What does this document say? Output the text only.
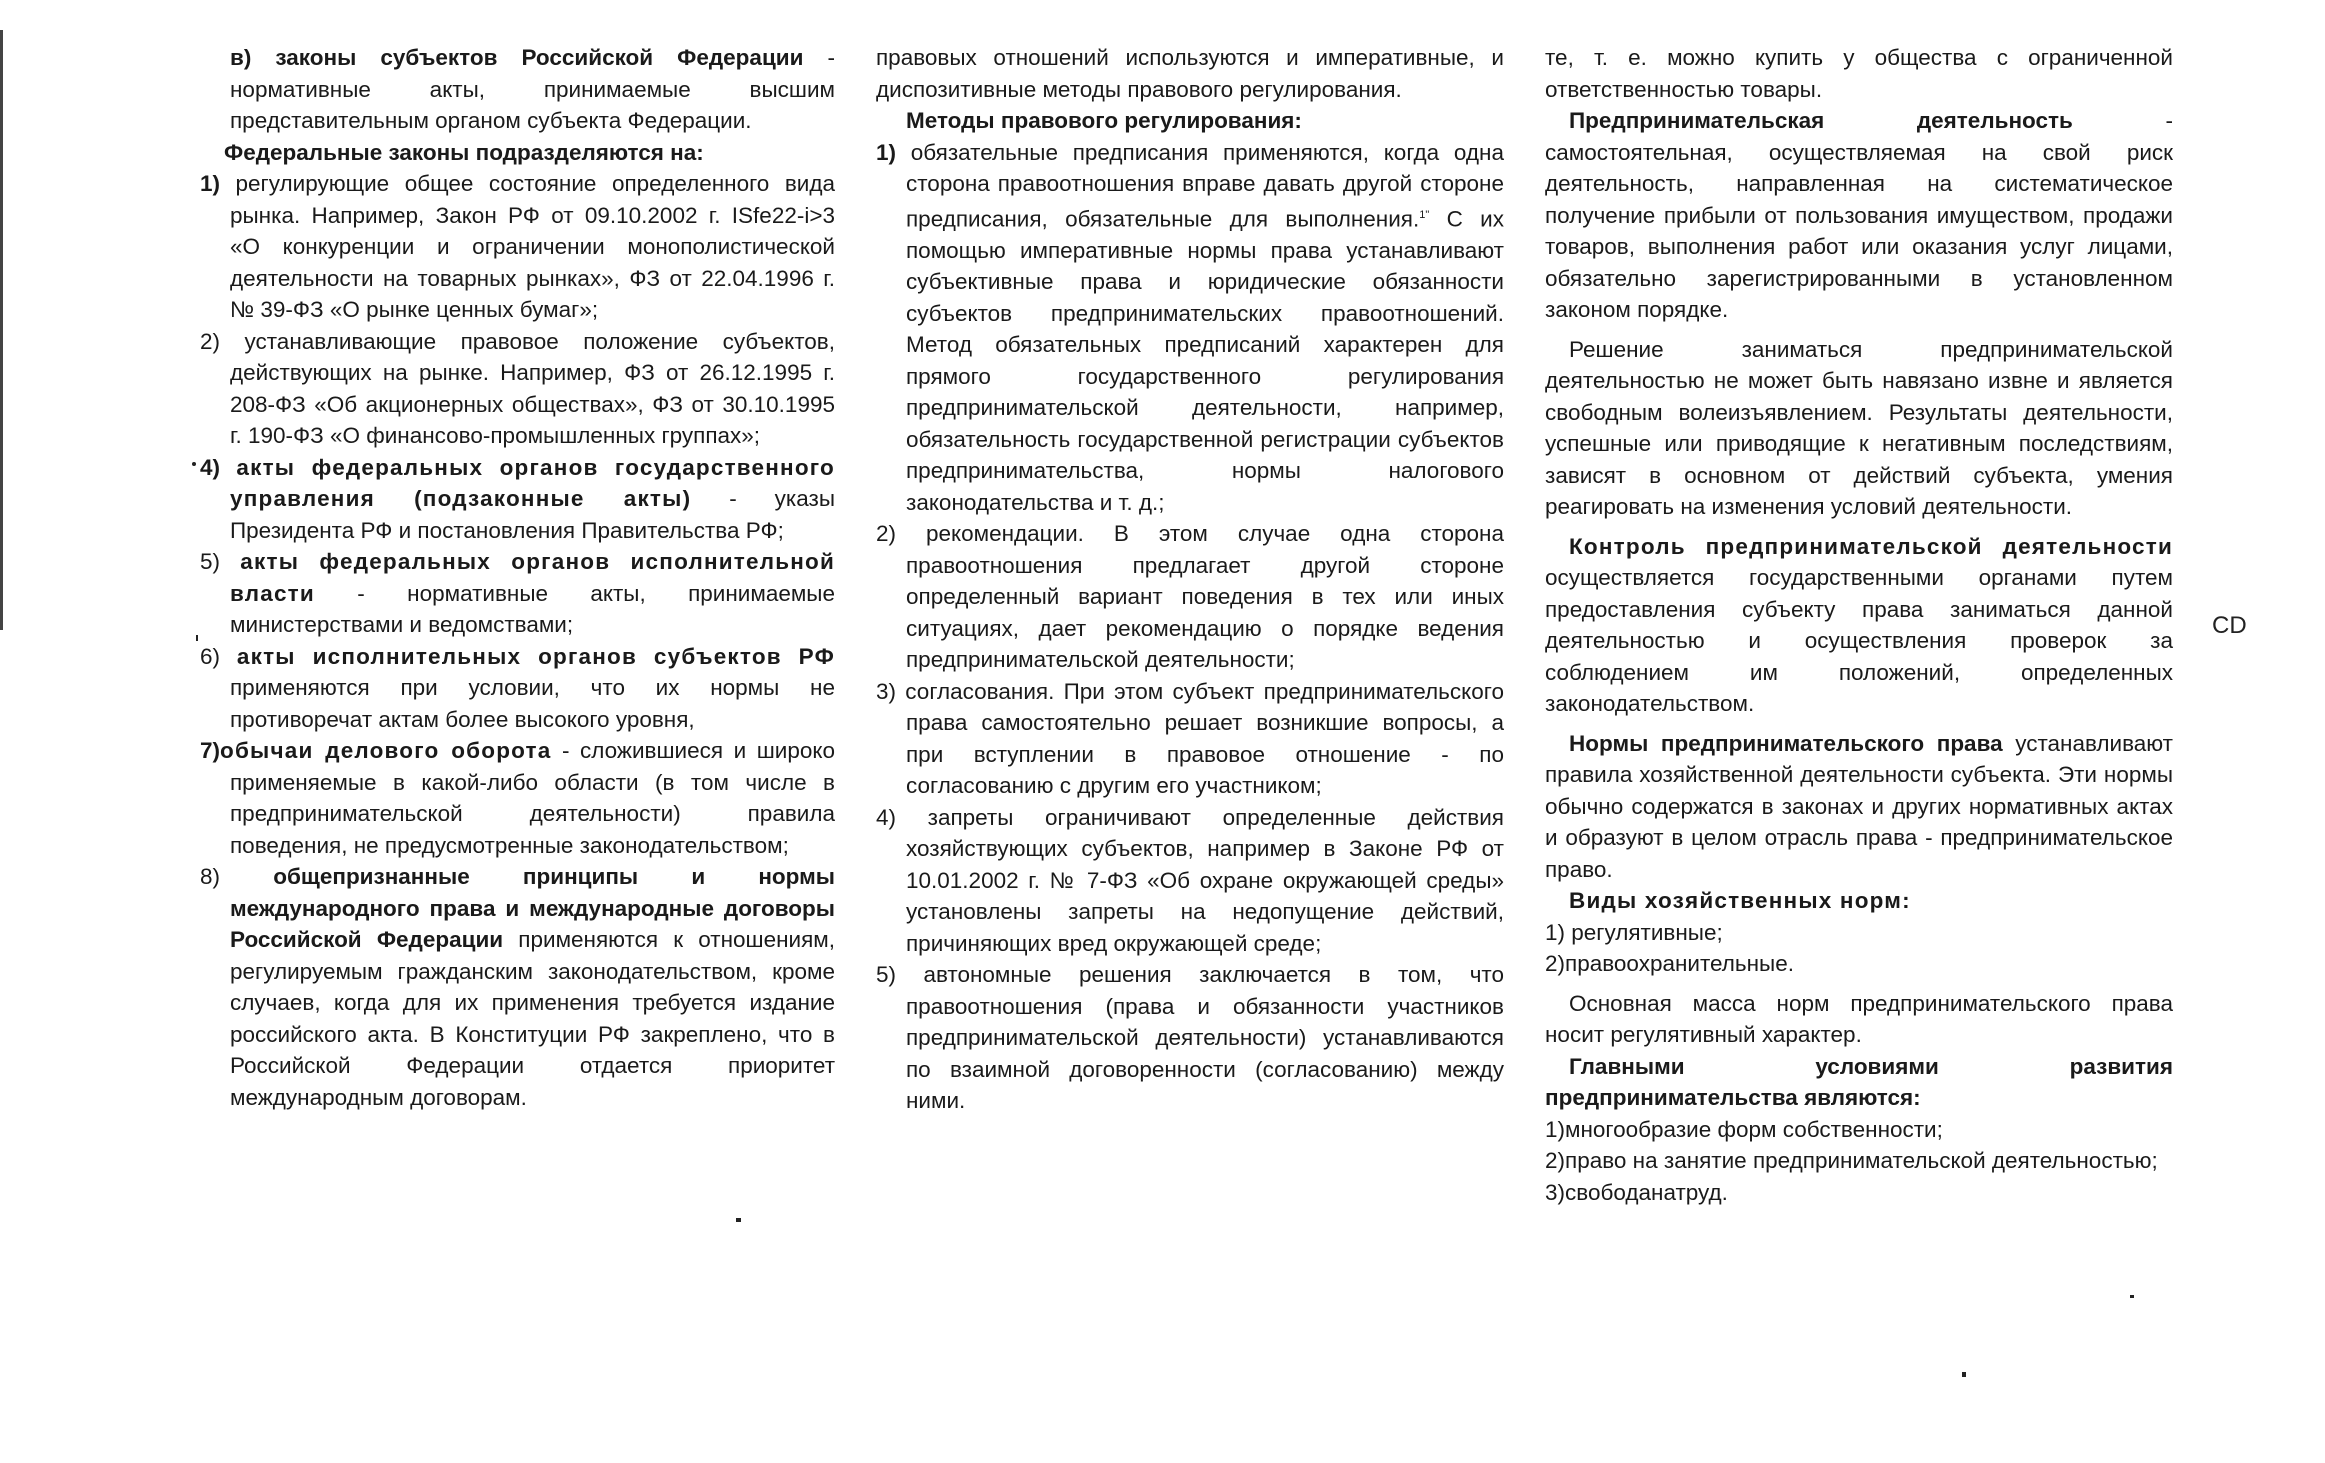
в) законы субъектов Российской Федерации - нормативные акты, принимаемые высшим представительным органом субъекта Федерации.

Федеральные законы подразделяются на:

1) регулирующие общее состояние определенного вида рынка. Например, Закон РФ от 09.10.2002 г. ISfe22-i>3 «О конкуренции и ограничении монополистической деятельности на товарных рынках», ФЗ от 22.04.1996 г. № 39-ФЗ «О рынке ценных бумаг»;

2) устанавливающие правовое положение субъектов, действующих на рынке. Например, ФЗ от 26.12.1995 г. 208-ФЗ «Об акционерных обществах», ФЗ от 30.10.1995 г. 190-ФЗ «О финансово-промышленных группах»;

4) акты федеральных органов государственного управления (подзаконные акты) - указы Президента РФ и постановления Правительства РФ;

5) акты федеральных органов исполнительной власти - нормативные акты, принимаемые министерствами и ведомствами;

6) акты исполнительных органов субъектов РФ применяются при условии, что их нормы не противоречат актам более высокого уровня,

7)обычаи делового оборота - сложившиеся и широко применяемые в какой-либо области (в том числе в предпринимательской деятельности) правила поведения, не предусмотренные законодательством;

8) общепризнанные принципы и нормы международного права и международные договоры Российской Федерации применяются к отношениям, регулируемым гражданским законодательством, кроме случаев, когда для их применения требуется издание российского акта. В Конституции РФ закреплено, что в Российской Федерации отдается приоритет международным договорам.

правовых отношений используются и императивные, и диспозитивные методы правового регулирования.

Методы правового регулирования:

1) обязательные предписания применяются, когда одна сторона правоотношения вправе давать другой стороне предписания, обязательные для выполнения.$^{1"}$ С их помощью императивные нормы права устанавливают субъективные права и юридические обязанности субъектов предпринимательских правоотношений. Метод обязательных предписаний характерен для прямого государственного регулирования предпринимательской деятельности, например, обязательность государственной регистрации субъектов предпринимательства, нормы налогового законодательства и т. д.;

2) рекомендации. В этом случае одна сторона правоотношения предлагает другой стороне определенный вариант поведения в тех или иных ситуациях, дает рекомендацию о порядке ведения предпринимательской деятельности;

3) согласования. При этом субъект предпринимательского права самостоятельно решает возникшие вопросы, а при вступлении в правовое отношение - по согласованию с другим его участником;

4) запреты ограничивают определенные действия хозяйствующих субъектов, например в Законе РФ от 10.01.2002 г. № 7-ФЗ «Об охране окружающей среды» установлены запреты на недопущение действий, причиняющих вред окружающей среде;

5) автономные решения заключается в том, что правоотношения (права и обязанности участников предпринимательской деятельности) устанавливаются по взаимной договоренности (согласованию) между ними.

те, т. е. можно купить у общества с ограниченной ответственностью товары.

Предпринимательская деятельность - самостоятельная, осуществляемая на свой риск деятельность, направленная на систематическое получение прибыли от пользования имуществом, продажи товаров, выполнения работ или оказания услуг лицами, обязательно зарегистрированными в установленном законом порядке.

Решение заниматься предпринимательской деятельностью не может быть навязано извне и является свободным волеизъявлением. Результаты деятельности, успешные или приводящие к негативным последствиям, зависят в основном от действий субъекта, умения реагировать на изменения условий деятельности.

Контроль предпринимательской деятельности осуществляется государственными органами путем предоставления субъекту права заниматься данной деятельностью и осуществления проверок за соблюдением им положений, определенных законодательством.

Нормы предпринимательского права устанавливают правила хозяйственной деятельности субъекта. Эти нормы обычно содержатся в законах и других нормативных актах и образуют в целом отрасль права - предпринимательское право.

Виды хозяйственных норм:

1) регулятивные;

2)правоохранительные.

Основная масса норм предпринимательского права носит регулятивный характер.

Главными условиями развития предпринимательства являются:

1)многообразие форм собственности;

2)право на занятие предпринимательской деятельностью;

3)свободанатруд.

CD
